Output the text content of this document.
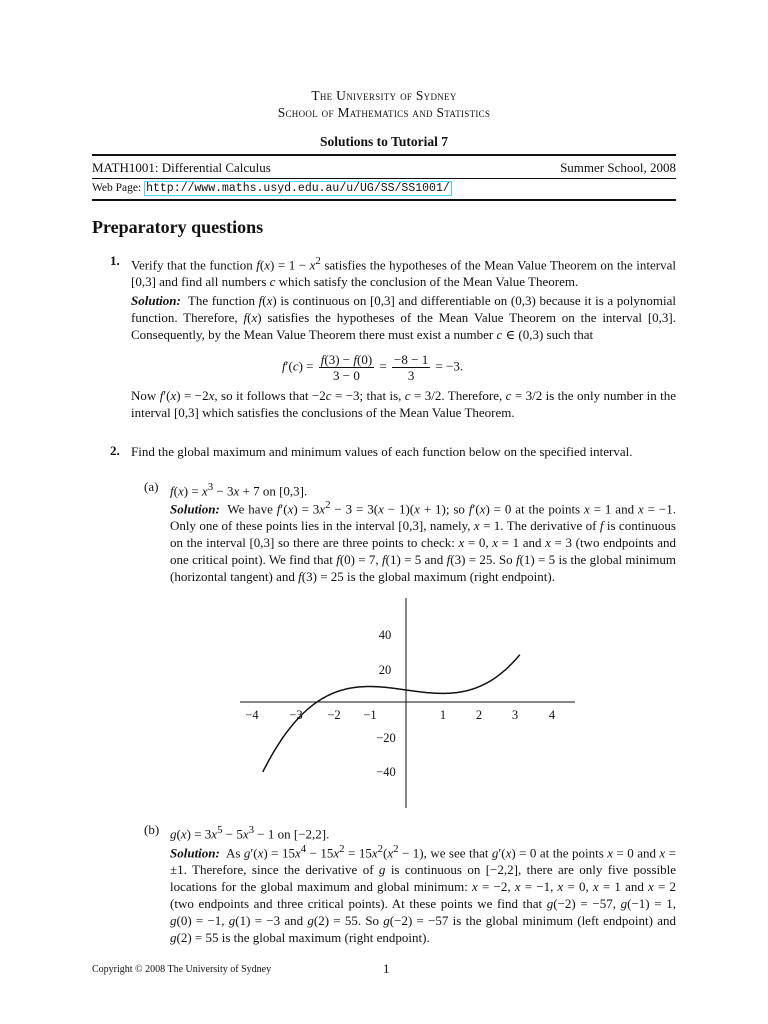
The University of Sydney
School of Mathematics and Statistics
Solutions to Tutorial 7
MATH1001: Differential Calculus	Summer School, 2008
Web Page: http://www.maths.usyd.edu.au/u/UG/SS/SS1001/
Preparatory questions
1. Verify that the function $f(x) = 1 - x^2$ satisfies the hypotheses of the Mean Value Theorem on the interval [0,3] and find all numbers c which satisfy the conclusion of the Mean Value Theorem.

Solution:  The function f(x) is continuous on [0,3] and differentiable on (0,3) because it is a polynomial function. Therefore, f(x) satisfies the hypotheses of the Mean Value Theorem on the interval [0,3]. Consequently, by the Mean Value Theorem there must exist a number c ∈ (0,3) such that

$f'(c) = \frac{f(3) - f(0)}{3 - 0} = \frac{-8 - 1}{3} = -3$.

Now f′(x) = −2x, so it follows that −2c = −3; that is, c = 3/2. Therefore, c = 3/2 is the only number in the interval [0,3] which satisfies the conclusions of the Mean Value Theorem.

2. Find the global maximum and minimum values of each function below on the specified interval.

(a) $f(x) = x^3 - 3x + 7$ on [0,3].

Solution:  We have $f'(x) = 3x^2 - 3 = 3(x - 1)(x + 1)$; so f′(x) = 0 at the points x = 1 and x = −1. Only one of these points lies in the interval [0,3], namely, x = 1. The derivative of f is continuous on the interval [0,3] so there are three points to check: x = 0, x = 1 and x = 3 (two endpoints and one critical point). We find that f(0) = 7, f(1) = 5 and f(3) = 25. So f(1) = 5 is the global minimum (horizontal tangent) and f(3) = 25 is the global maximum (right endpoint).

−4 −3 −2 −1	1 2 3 4
40
20
−20
−40
(b) $g(x) = 3x^5 - 5x^3 - 1$ on [−2,2].

Solution:  As $g'(x) = 15x^4 - 15x^2 = 15x^2(x^2 - 1)$, we see that g′(x) = 0 at the points x = 0 and x = ±1. Therefore, since the derivative of g is continuous on [−2,2], there are only five possible locations for the global maximum and global minimum: x = −2, x = −1, x = 0, x = 1 and x = 2 (two endpoints and three critical points). At these points we find that g(−2) = −57, g(−1) = 1, g(0) = −1, g(1) = −3 and g(2) = 55. So g(−2) = −57 is the global minimum (left endpoint) and g(2) = 55 is the global maximum (right endpoint).

Copyright © 2008 The University of Sydney	1
